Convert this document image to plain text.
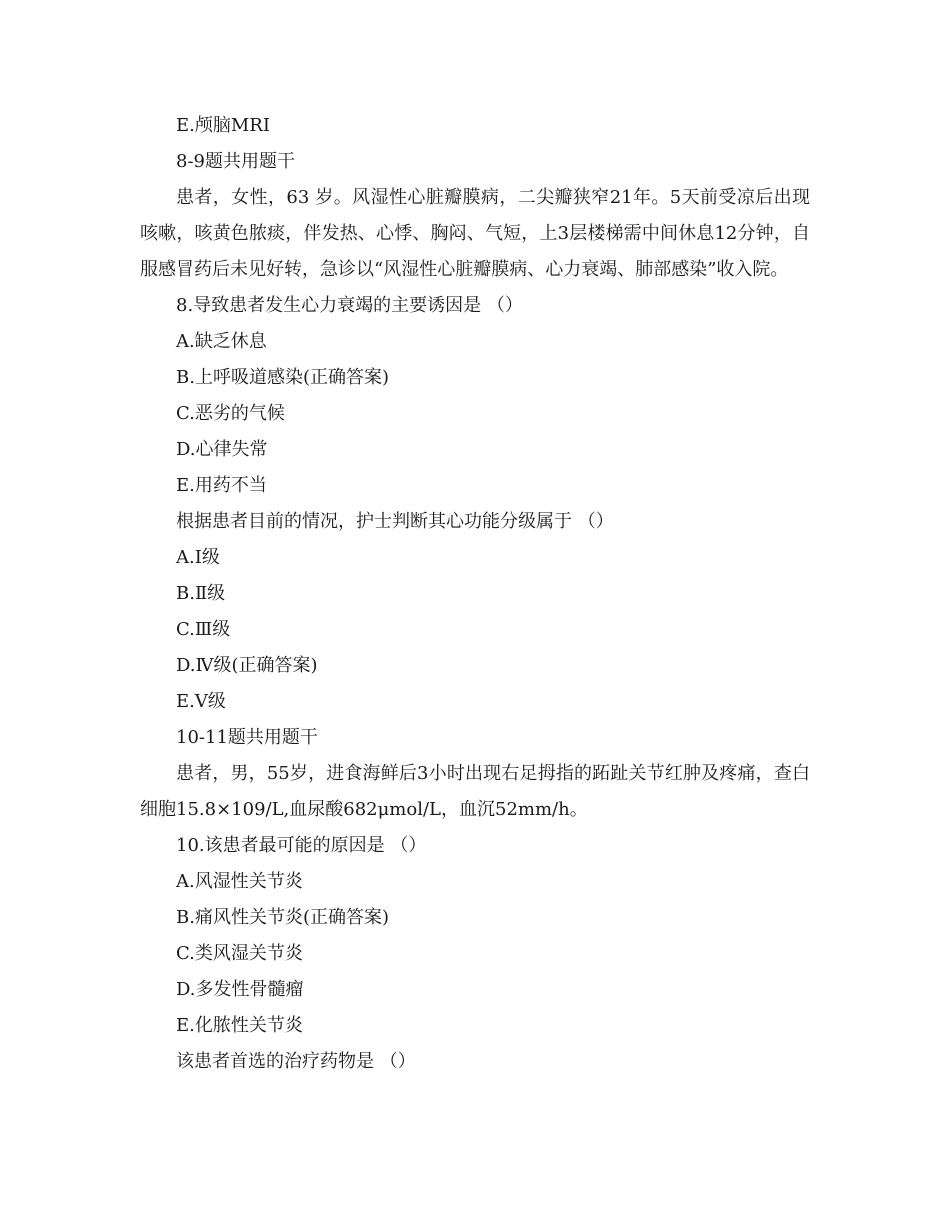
E.颅脑MRI
8-9题共用题干
患者，女性，63 岁。风湿性心脏瓣膜病，二尖瓣狭窄21年。5天前受凉后出现咳嗽，咳黄色脓痰，伴发热、心悸、胸闷、气短，上3层楼梯需中间休息12分钟，自服感冒药后未见好转，急诊以“风湿性心脏瓣膜病、心力衰竭、肺部感染”收入院。
8.导致患者发生心力衰竭的主要诱因是 （）
A.缺乏休息
B.上呼吸道感染(正确答案)
C.恶劣的气候
D.心律失常
E.用药不当
根据患者目前的情况，护士判断其心功能分级属于 （）
A.Ⅰ级
B.Ⅱ级
C.Ⅲ级
D.Ⅳ级(正确答案)
E.Ⅴ级
10-11题共用题干
患者，男，55岁，进食海鲜后3小时出现右足拇指的跖趾关节红肿及疼痛，查白细胞15.8×109/L,血尿酸682μmol/L，血沉52mm/h。
10.该患者最可能的原因是 （）
A.风湿性关节炎
B.痛风性关节炎(正确答案)
C.类风湿关节炎
D.多发性骨髓瘤
E.化脓性关节炎
该患者首选的治疗药物是 （）
